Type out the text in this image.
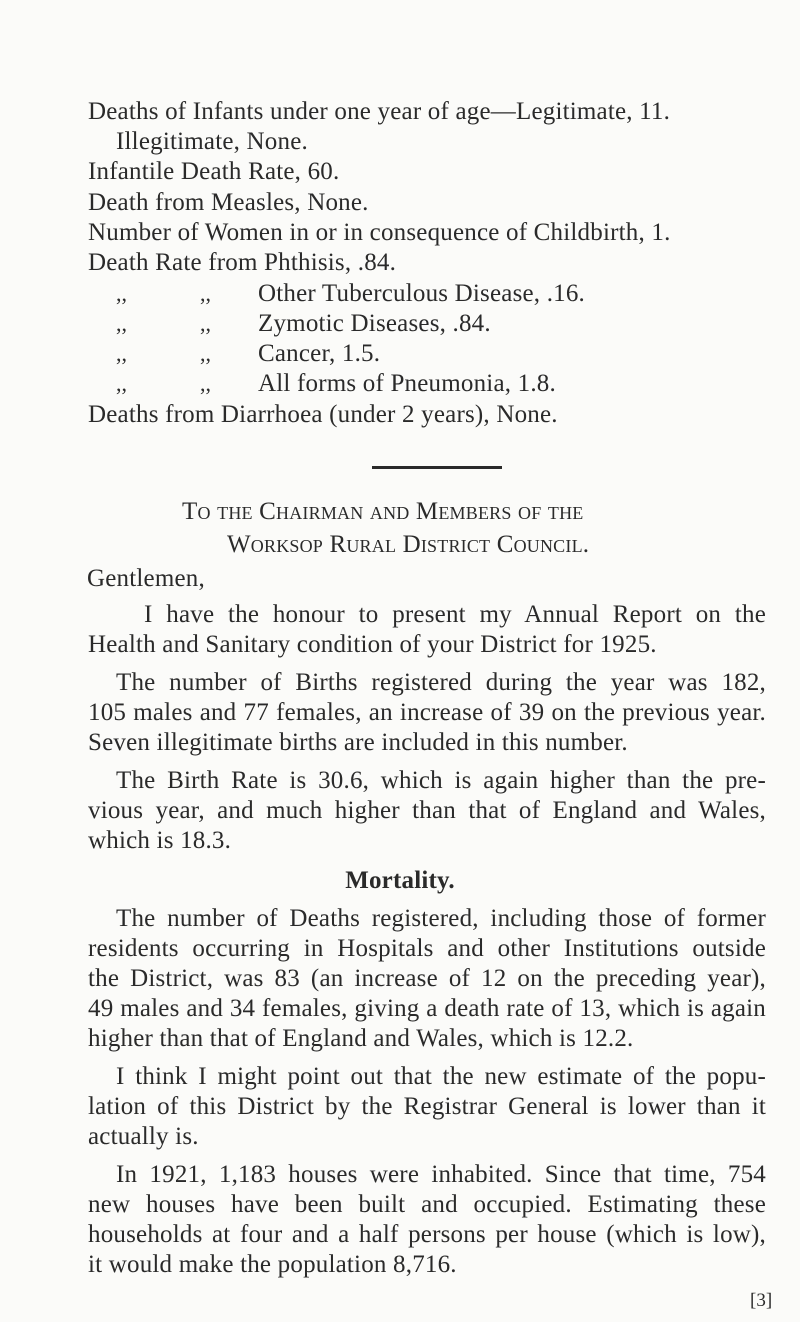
Deaths of Infants under one year of age—Legitimate, 11.
Illegitimate, None.
Infantile Death Rate, 60.
Death from Measles, None.
Number of Women in or in consequence of Childbirth, 1.
Death Rate from Phthisis, .84.
,,	,, Other Tuberculous Disease, .16.
,,	,, Zymotic Diseases, .84.
,,	,, Cancer, 1.5.
,,	,, All forms of Pneumonia, 1.8.
Deaths from Diarrhoea (under 2 years), None.
To the Chairman and Members of the
Worksop Rural District Council.
Gentlemen,
I have the honour to present my Annual Report on the
Health and Sanitary condition of your District for 1925.
The number of Births registered during the year was 182,
105 males and 77 females, an increase of 39 on the previous year.
Seven illegitimate births are included in this number.
The Birth Rate is 30.6, which is again higher than the pre-
vious year, and much higher than that of England and Wales,
which is 18.3.
Mortality.
The number of Deaths registered, including those of former
residents occurring in Hospitals and other Institutions outside
the District, was 83 (an increase of 12 on the preceding year),
49 males and 34 females, giving a death rate of 13, which is again
higher than that of England and Wales, which is 12.2.
I think I might point out that the new estimate of the popu-
lation of this District by the Registrar General is lower than it
actually is.
In 1921, 1,183 houses were inhabited. Since that time, 754
new houses have been built and occupied. Estimating these
households at four and a half persons per house (which is low),
it would make the population 8,716.
[3]
